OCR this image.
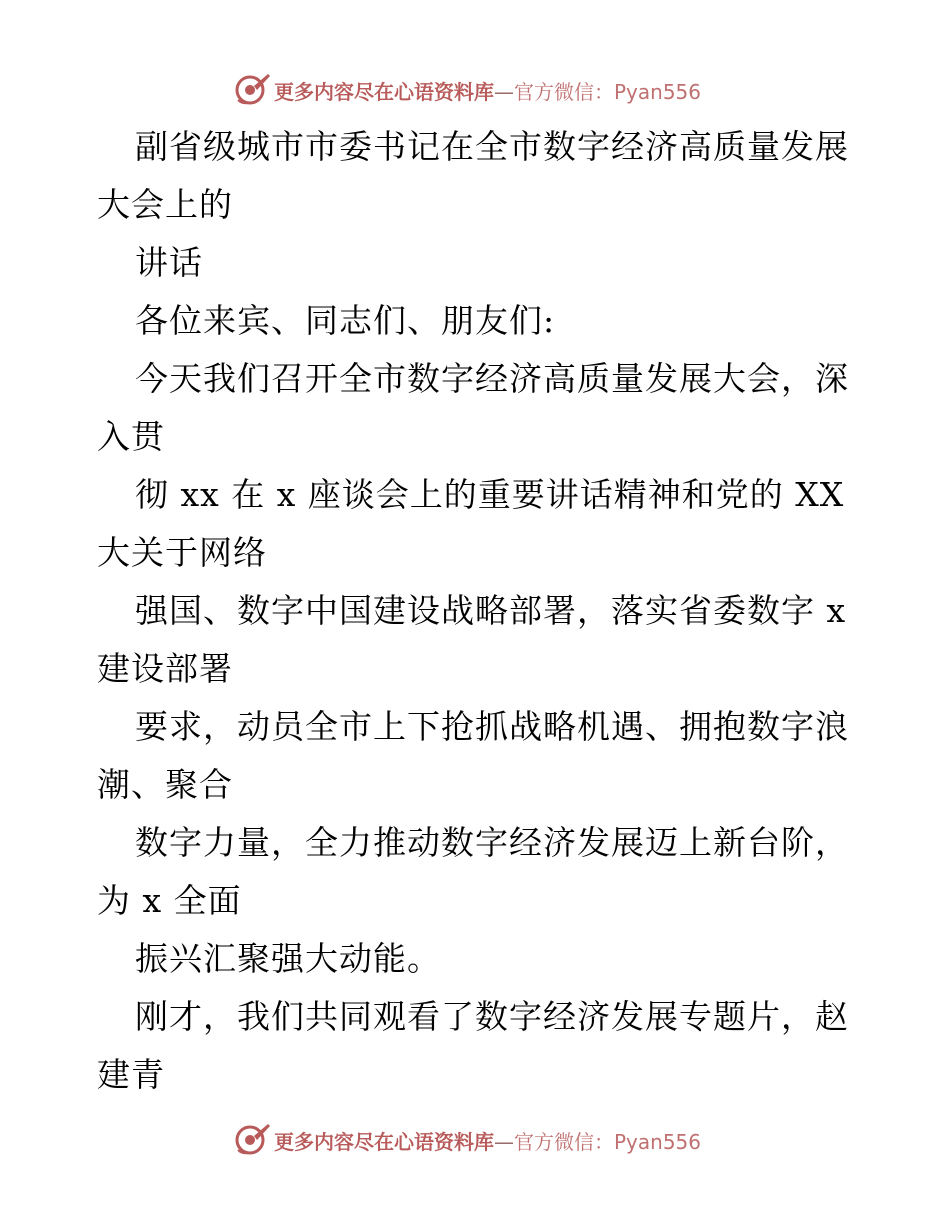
更多内容尽在心语资料库—官方微信：Pyan556
副省级城市市委书记在全市数字经济高质量发展
大会上的
讲话
各位来宾、同志们、朋友们:
今天我们召开全市数字经济高质量发展大会，深
入贯
彻 xx 在 x 座谈会上的重要讲话精神和党的 XX
大关于网络
强国、数字中国建设战略部署，落实省委数字 x
建设部署
要求，动员全市上下抢抓战略机遇、拥抱数字浪
潮、聚合
数字力量，全力推动数字经济发展迈上新台阶，
为 x 全面
振兴汇聚强大动能。
刚才，我们共同观看了数字经济发展专题片，赵
建青
更多内容尽在心语资料库—官方微信：Pyan556
